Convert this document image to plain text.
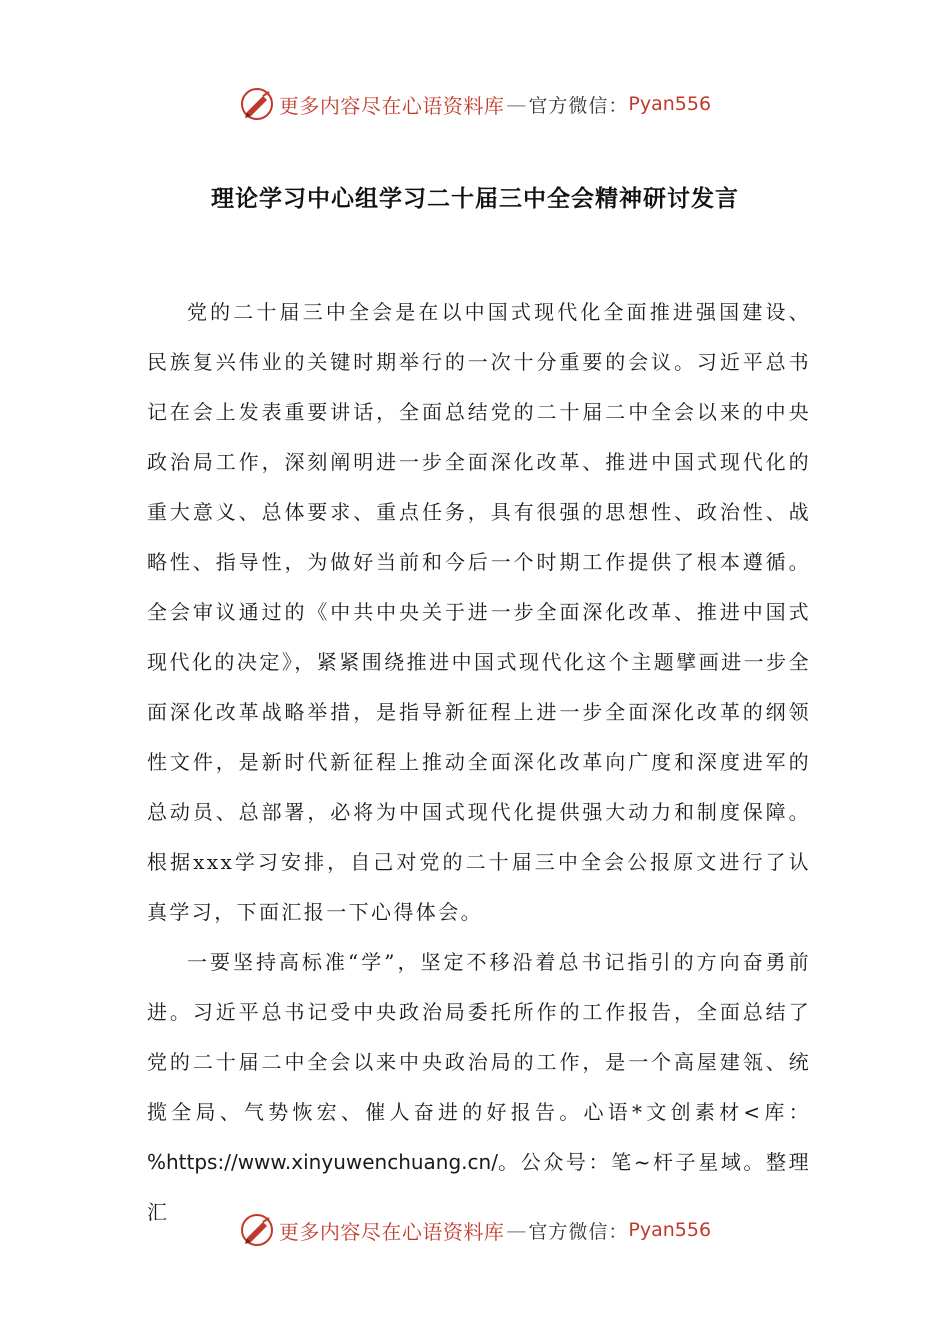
更多内容尽在心语资料库 — 官方微信： Pyan556
理论学习中心组学习二十届三中全会精神研讨发言

党的二十届三中全会是在以中国式现代化全面推进强国建设、民族复兴伟业的关键时期举行的一次十分重要的会议。习近平总书记在会上发表重要讲话，全面总结党的二十届二中全会以来的中央政治局工作，深刻阐明进一步全面深化改革、推进中国式现代化的重大意义、总体要求、重点任务，具有很强的思想性、政治性、战略性、指导性，为做好当前和今后一个时期工作提供了根本遵循。全会审议通过的《中共中央关于进一步全面深化改革、推进中国式现代化的决定》，紧紧围绕推进中国式现代化这个主题擘画进一步全面深化改革战略举措，是指导新征程上进一步全面深化改革的纲领性文件，是新时代新征程上推动全面深化改革向广度和深度进军的总动员、总部署，必将为中国式现代化提供强大动力和制度保障。根据xxx学习安排，自己对党的二十届三中全会公报原文进行了认真学习，下面汇报一下心得体会。

一要坚持高标准“学”，坚定不移沿着总书记指引的方向奋勇前进。习近平总书记受中央政治局委托所作的工作报告，全面总结了党的二十届二中全会以来中央政治局的工作，是一个高屋建瓴、统揽全局、气势恢宏、催人奋进的好报告。心语*文创素材<库：%https://www.xinyuwenchuang.cn/。公众号：笔~杆子星域。整理汇

更多内容尽在心语资料库 — 官方微信： Pyan556
